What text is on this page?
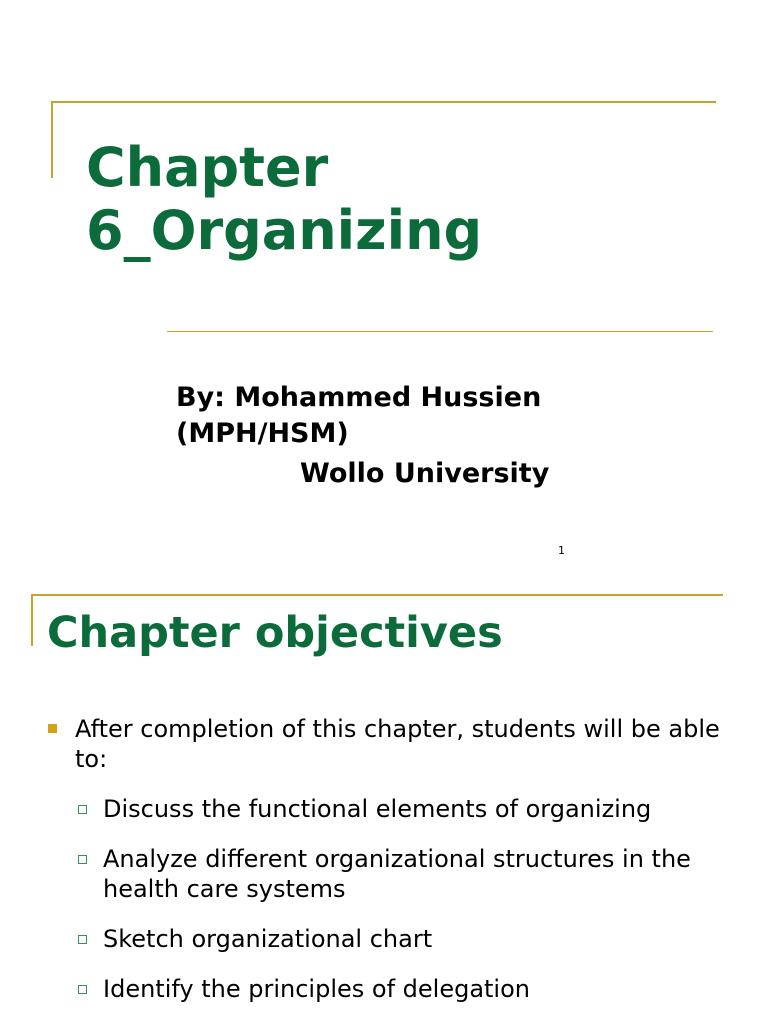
Chapter
6_Organizing
By: Mohammed Hussien
(MPH/HSM)
Wollo University
1
Chapter objectives
After completion of this chapter, students will be able to:
Discuss the functional elements of organizing
Analyze different organizational structures in the health care systems
Sketch organizational chart
Identify the principles of delegation
